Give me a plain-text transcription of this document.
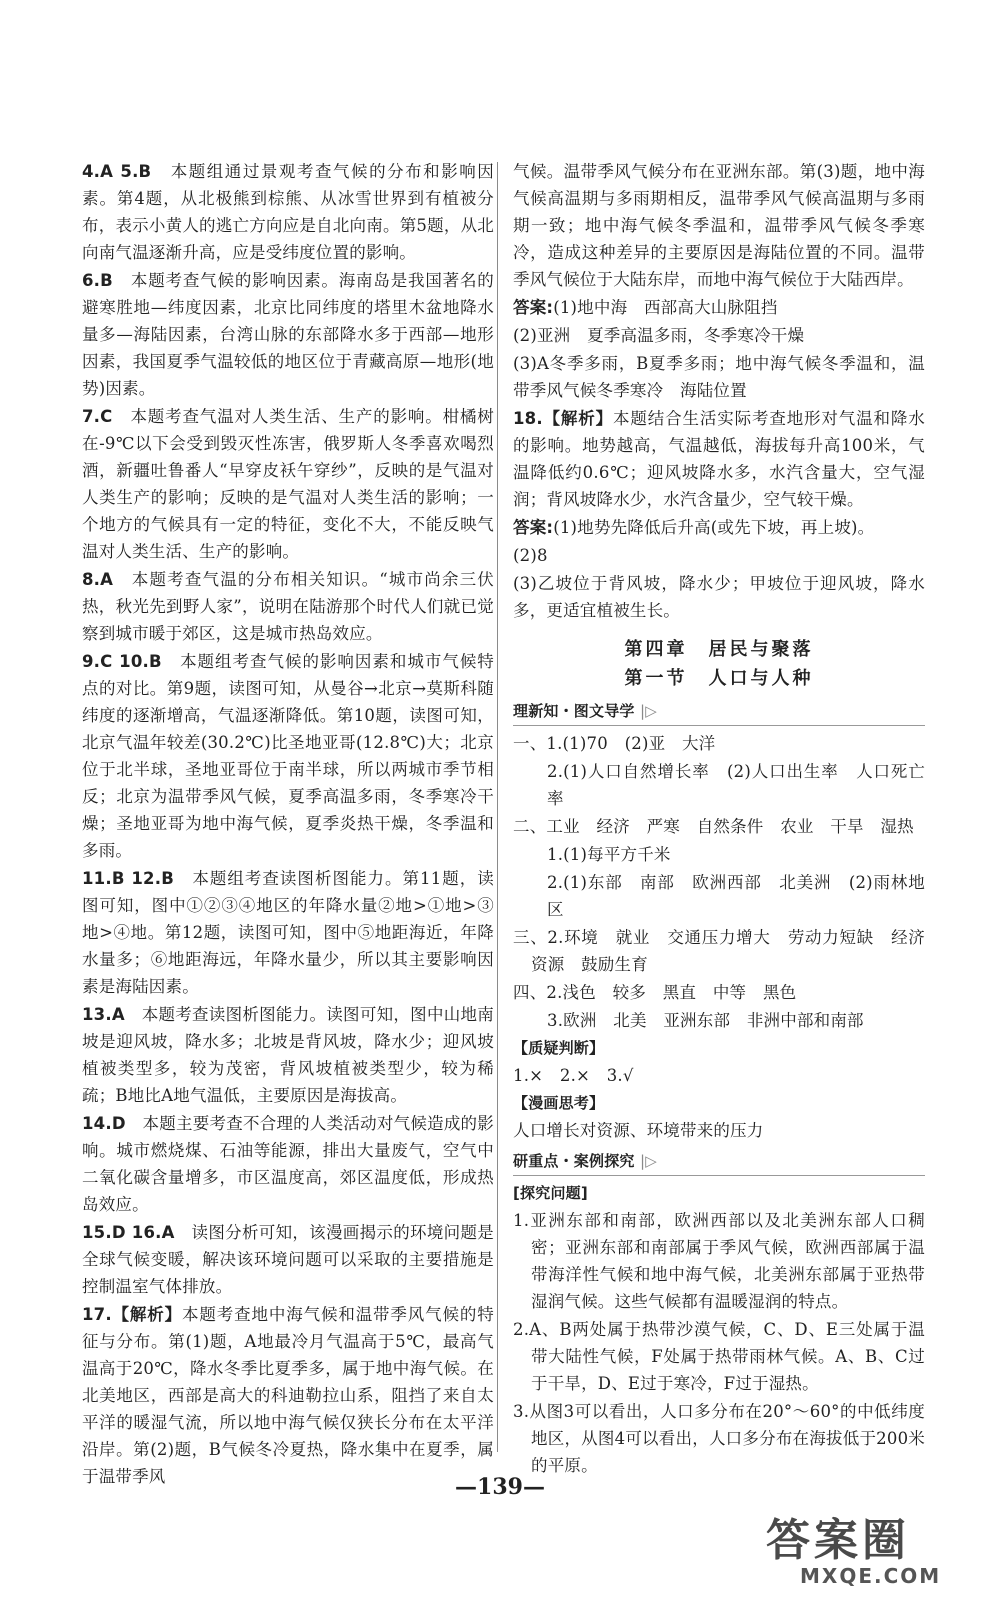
4.A 5.B　 本题组通过景观考查气候的分布和影响因素。第4题，从北极熊到棕熊、从冰雪世界到有植被分布，表示小黄人的逃亡方向应是自北向南。第5题，从北向南气温逐渐升高，应是受纬度位置的影响。

6.B　 本题考查气候的影响因素。海南岛是我国著名的避寒胜地—纬度因素，北京比同纬度的塔里木盆地降水量多—海陆因素，台湾山脉的东部降水多于西部—地形因素，我国夏季气温较低的地区位于青藏高原—地形(地势)因素。

7.C　 本题考查气温对人类生活、生产的影响。柑橘树在-9℃以下会受到毁灭性冻害，俄罗斯人冬季喜欢喝烈酒，新疆吐鲁番人“早穿皮袄午穿纱”，反映的是气温对人类生产的影响；反映的是气温对人类生活的影响；一个地方的气候具有一定的特征，变化不大，不能反映气温对人类生活、生产的影响。

8.A　 本题考查气温的分布相关知识。“城市尚余三伏热，秋光先到野人家”，说明在陆游那个时代人们就已觉察到城市暖于郊区，这是城市热岛效应。

9.C 10.B　 本题组考查气候的影响因素和城市气候特点的对比。第9题，读图可知，从曼谷→北京→莫斯科随纬度的逐渐增高，气温逐渐降低。第10题，读图可知，北京气温年较差(30.2℃)比圣地亚哥(12.8℃)大；北京位于北半球，圣地亚哥位于南半球，所以两城市季节相反；北京为温带季风气候，夏季高温多雨，冬季寒冷干燥；圣地亚哥为地中海气候，夏季炎热干燥，冬季温和多雨。

11.B 12.B　 本题组考查读图析图能力。第11题，读图可知，图中①②③④地区的年降水量②地>①地>③地>④地。第12题，读图可知，图中⑤地距海近，年降水量多；⑥地距海远，年降水量少，所以其主要影响因素是海陆因素。

13.A　 本题考查读图析图能力。读图可知，图中山地南坡是迎风坡，降水多；北坡是背风坡，降水少；迎风坡植被类型多，较为茂密，背风坡植被类型少，较为稀疏；B地比A地气温低，主要原因是海拔高。

14.D　 本题主要考查不合理的人类活动对气候造成的影响。城市燃烧煤、石油等能源，排出大量废气，空气中二氧化碳含量增多，市区温度高，郊区温度低，形成热岛效应。

15.D 16.A　 读图分析可知，该漫画揭示的环境问题是全球气候变暖，解决该环境问题可以采取的主要措施是控制温室气体排放。

17.【解析】本题考查地中海气候和温带季风气候的特征与分布。第(1)题，A地最冷月气温高于5℃，最高气温高于20℃，降水冬季比夏季多，属于地中海气候。在北美地区，西部是高大的科迪勒拉山系，阻挡了来自太平洋的暖湿气流，所以地中海气候仅狭长分布在太平洋沿岸。第(2)题，B气候冬冷夏热，降水集中在夏季，属于温带季风

气候。温带季风气候分布在亚洲东部。第(3)题，地中海气候高温期与多雨期相反，温带季风气候高温期与多雨期一致；地中海气候冬季温和，温带季风气候冬季寒冷，造成这种差异的主要原因是海陆位置的不同。温带季风气候位于大陆东岸，而地中海气候位于大陆西岸。

答案:(1)地中海　西部高大山脉阻挡

(2)亚洲　夏季高温多雨，冬季寒冷干燥

(3)A冬季多雨，B夏季多雨；地中海气候冬季温和，温带季风气候冬季寒冷　海陆位置

18.【解析】本题结合生活实际考查地形对气温和降水的影响。地势越高，气温越低，海拔每升高100米，气温降低约0.6℃；迎风坡降水多，水汽含量大，空气湿润；背风坡降水少，水汽含量少，空气较干燥。

答案:(1)地势先降低后升高(或先下坡，再上坡)。

(2)8

(3)乙坡位于背风坡，降水少；甲坡位于迎风坡，降水多，更适宜植被生长。

第四章　居民与聚落
第一节　人口与人种
理新知・图文导学 |▷

一、1.(1)70　(2)亚　大洋

2.(1)人口自然增长率　(2)人口出生率　人口死亡率

二、工业　经济　严寒　自然条件　农业　干旱　湿热

1.(1)每平方千米

2.(1)东部　南部　欧洲西部　北美洲　(2)雨林地区

三、2.环境　就业　交通压力增大　劳动力短缺　经济　资源　鼓励生育

四、2.浅色　较多　黑直　中等　黑色

3.欧洲　北美　亚洲东部　非洲中部和南部

【质疑判断】

1.×　2.×　3.√

【漫画思考】

人口增长对资源、环境带来的压力

研重点・案例探究 |▷
[探究问题]

1.亚洲东部和南部，欧洲西部以及北美洲东部人口稠密；亚洲东部和南部属于季风气候，欧洲西部属于温带海洋性气候和地中海气候，北美洲东部属于亚热带湿润气候。这些气候都有温暖湿润的特点。

2.A、B两处属于热带沙漠气候，C、D、E三处属于温带大陆性气候，F处属于热带雨林气候。A、B、C过于干旱，D、E过于寒冷，F过于湿热。

3.从图3可以看出，人口多分布在20°～60°的中低纬度地区，从图4可以看出，人口多分布在海拔低于200米的平原。

—139—
答案圈
MXQE.COM
